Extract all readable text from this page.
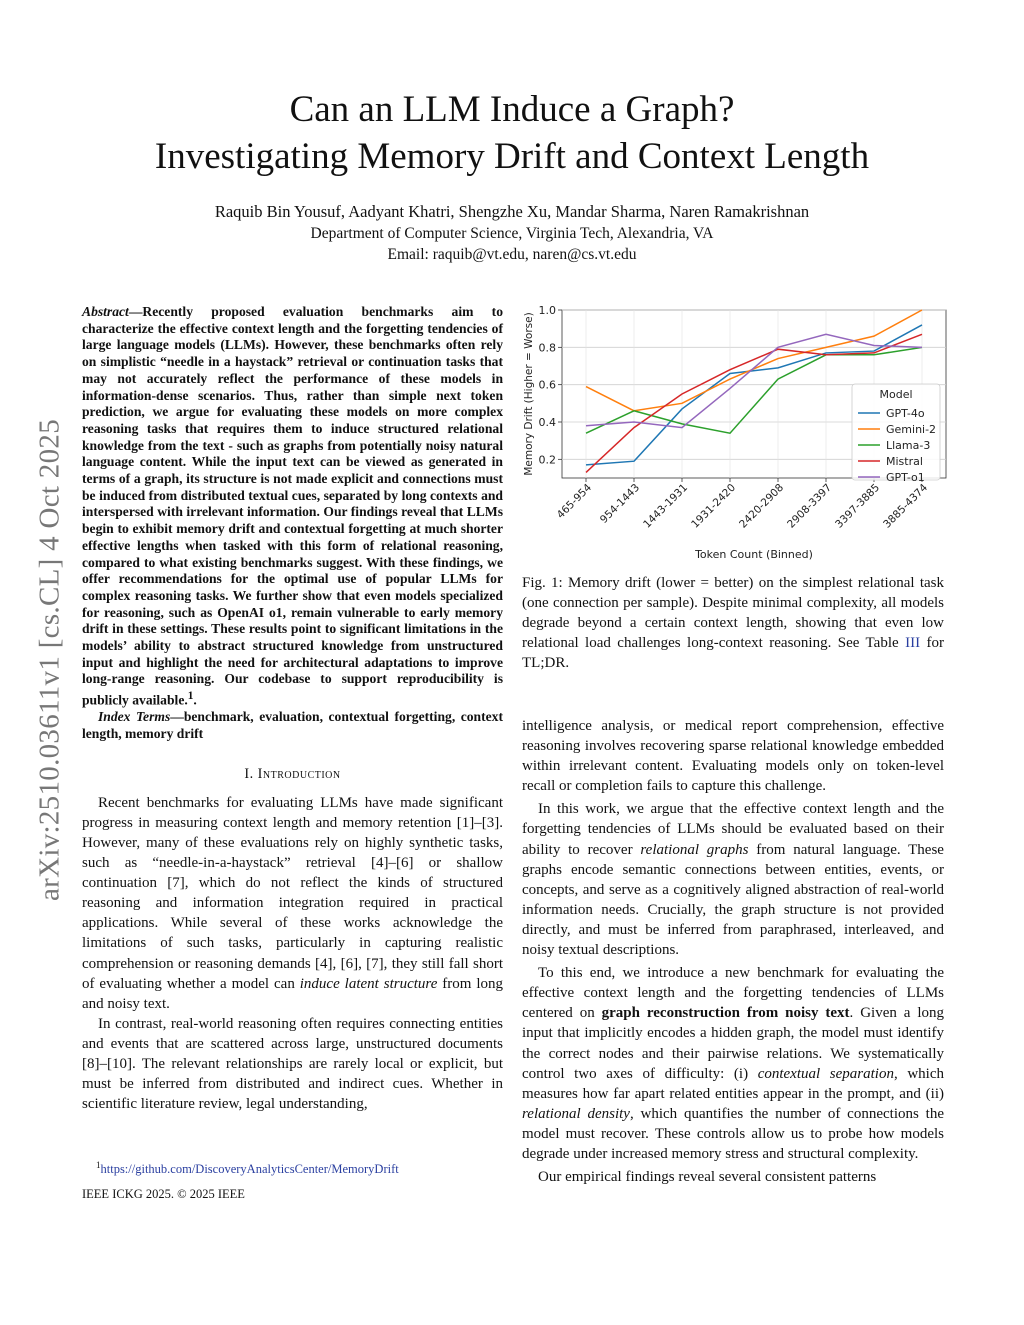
Can an LLM Induce a Graph?
Investigating Memory Drift and Context Length
Raquib Bin Yousuf, Aadyant Khatri, Shengzhe Xu, Mandar Sharma, Naren Ramakrishnan
Department of Computer Science, Virginia Tech, Alexandria, VA
Email: raquib@vt.edu, naren@cs.vt.edu
arXiv:2510.03611v1 [cs.CL] 4 Oct 2025

Abstract—Recently proposed evaluation benchmarks aim to characterize the effective context length and the forgetting tendencies of large language models (LLMs). However, these benchmarks often rely on simplistic “needle in a haystack” retrieval or continuation tasks that may not accurately reflect the performance of these models in information-dense scenarios. Thus, rather than simple next token prediction, we argue for evaluating these models on more complex reasoning tasks that requires them to induce structured relational knowledge from the text - such as graphs from potentially noisy natural language content. While the input text can be viewed as generated in terms of a graph, its structure is not made explicit and connections must be induced from distributed textual cues, separated by long contexts and interspersed with irrelevant information. Our findings reveal that LLMs begin to exhibit memory drift and contextual forgetting at much shorter effective lengths when tasked with this form of relational reasoning, compared to what existing benchmarks suggest. With these findings, we offer recommendations for the optimal use of popular LLMs for complex reasoning tasks. We further show that even models specialized for reasoning, such as OpenAI o1, remain vulnerable to early memory drift in these settings. These results point to significant limitations in the models’ ability to abstract structured knowledge from unstructured input and highlight the need for architectural adaptations to improve long-range reasoning. Our codebase to support reproducibility is publicly available.$^1$.

Index Terms—benchmark, evaluation, contextual forgetting, context length, memory drift

I. Introduction

Recent benchmarks for evaluating LLMs have made significant progress in measuring context length and memory retention [1]–[3]. However, many of these evaluations rely on highly synthetic tasks, such as “needle-in-a-haystack” retrieval [4]–[6] or shallow continuation [7], which do not reflect the kinds of structured reasoning and information integration required in practical applications. While several of these works acknowledge the limitations of such tasks, particularly in capturing realistic comprehension or reasoning demands [4], [6], [7], they still fall short of evaluating whether a model can induce latent structure from long and noisy text.

In contrast, real-world reasoning often requires connecting entities and events that are scattered across large, unstructured documents [8]–[10]. The relevant relationships are rarely local or explicit, but must be inferred from distributed and indirect cues. Whether in scientific literature review, legal understanding,

0.2
0.4
0.6
0.8
1.0
465-954 954-1443 1443-1931 1931-2420 2420-2908 2908-3397 3397-3885 3885-4374
Token Count (Binned)
Memory Drift (Higher = Worse)	Model
GPT-4o
Gemini-2
Llama-3
Mistral
GPT-o1
Fig. 1: Memory drift (lower = better) on the simplest relational task (one connection per sample). Despite minimal complexity, all models degrade beyond a certain context length, showing that even low relational load challenges long-context reasoning. See Table III for TL;DR.

intelligence analysis, or medical report comprehension, effective reasoning involves recovering sparse relational knowledge embedded within irrelevant content. Evaluating models only on token-level recall or completion fails to capture this challenge.

In this work, we argue that the effective context length and the forgetting tendencies of LLMs should be evaluated based on their ability to recover relational graphs from natural language. These graphs encode semantic connections between entities, events, or concepts, and serve as a cognitively aligned abstraction of real-world information needs. Crucially, the graph structure is not provided directly, and must be inferred from paraphrased, interleaved, and noisy textual descriptions.

To this end, we introduce a new benchmark for evaluating the effective context length and the forgetting tendencies of LLMs centered on graph reconstruction from noisy text. Given a long input that implicitly encodes a hidden graph, the model must identify the correct nodes and their pairwise relations. We systematically control two axes of difficulty: (i) contextual separation, which measures how far apart related entities appear in the prompt, and (ii) relational density, which quantifies the number of connections the model must recover. These controls allow us to probe how models degrade under increased memory stress and structural complexity.

Our empirical findings reveal several consistent patterns

$^1$https://github.com/DiscoveryAnalyticsCenter/MemoryDrift
IEEE ICKG 2025. © 2025 IEEE
